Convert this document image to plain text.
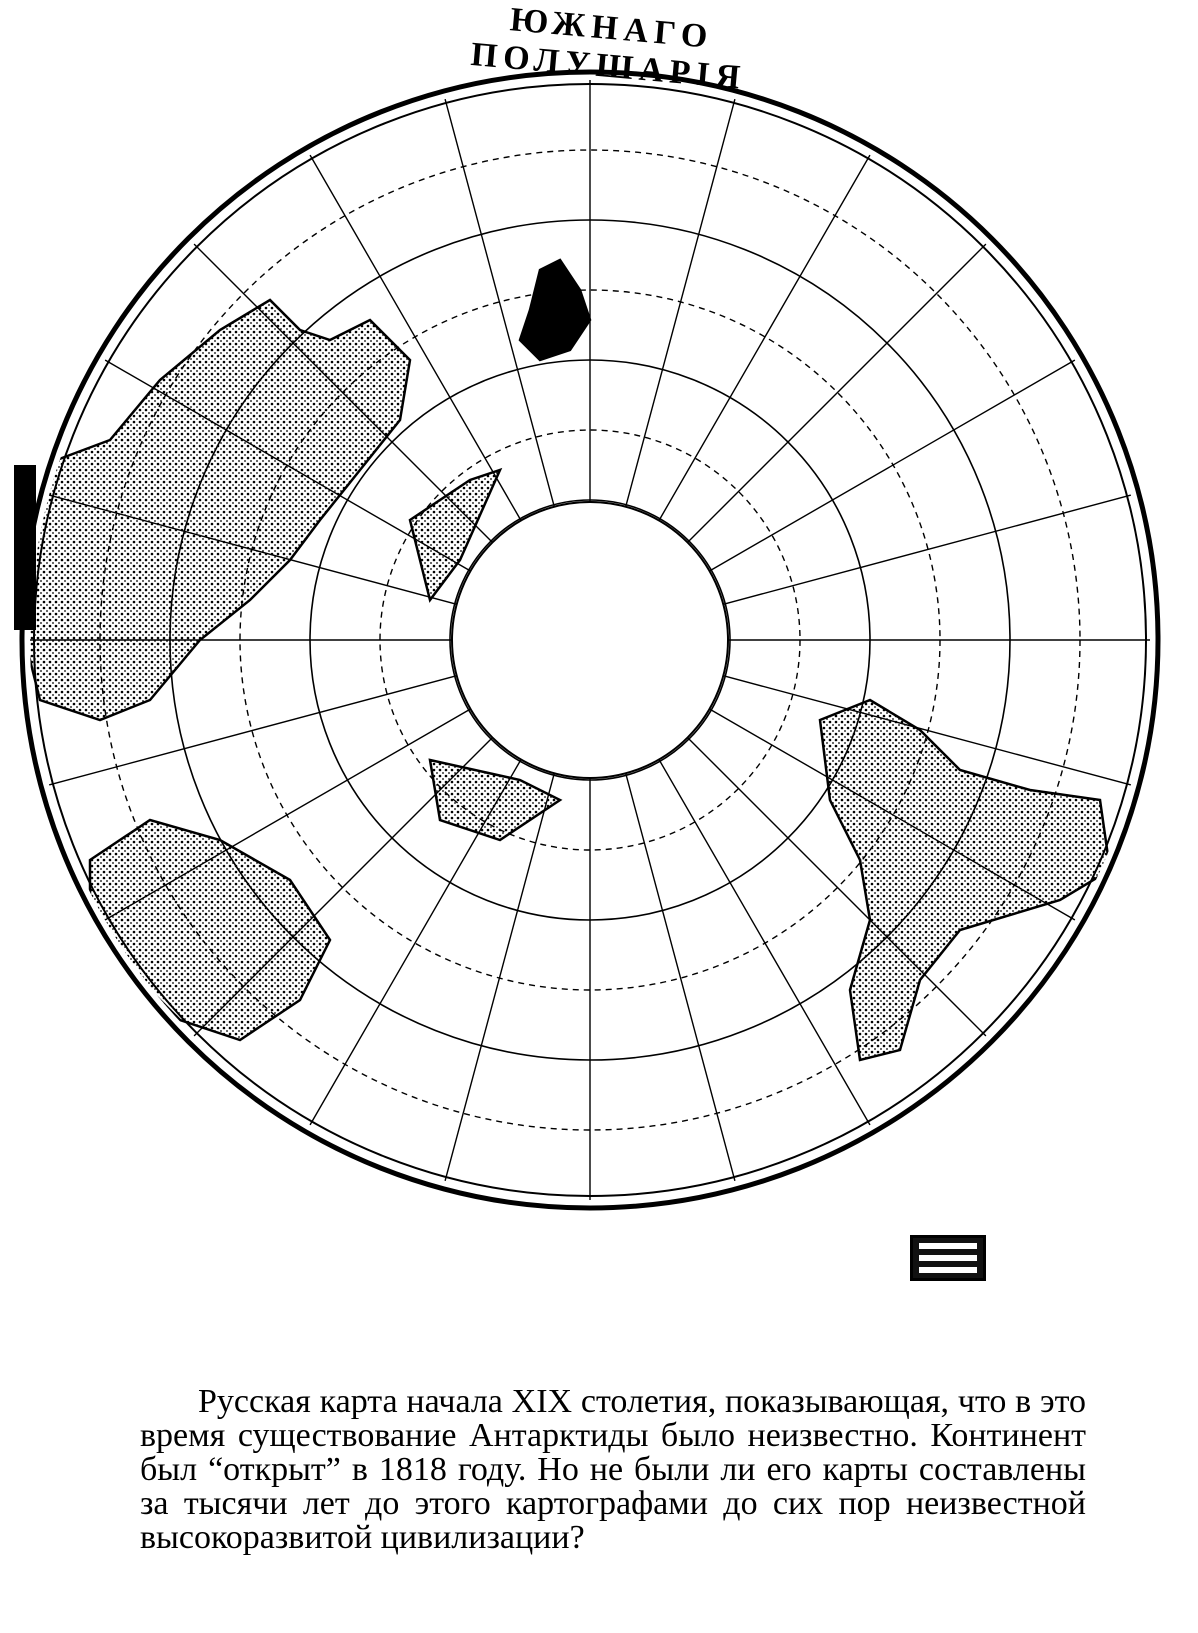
ЮЖНАГО ПОЛУШАРІЯ

Русская карта начала XIX столетия, показывающая, что в это время существование Антарктиды было неизвестно. Континент был “открыт” в 1818 году. Но не были ли его карты составлены за тысячи лет до этого картографами до сих пор неизвестной высокоразвитой цивилизации?
